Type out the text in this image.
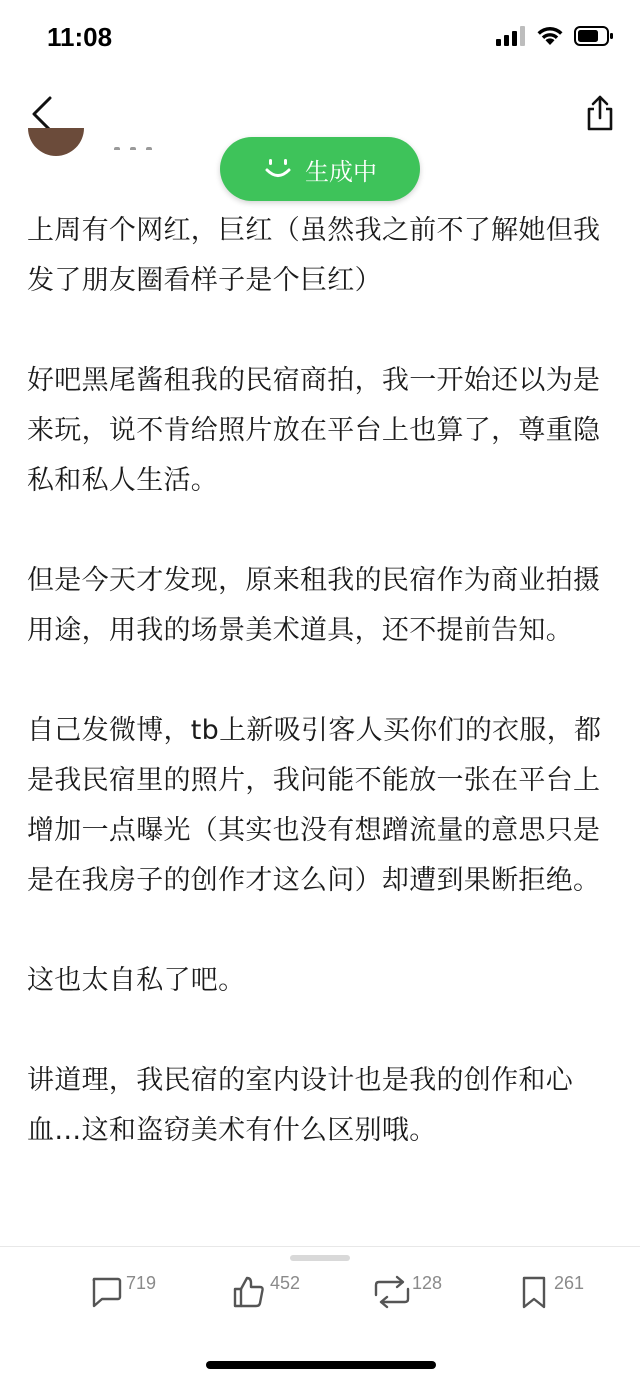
11:08
生成中

上周有个网红，巨红（虽然我之前不了解她但我发了朋友圈看样子是个巨红）

好吧黑尾酱租我的民宿商拍，我一开始还以为是来玩，说不肯给照片放在平台上也算了，尊重隐私和私人生活。

但是今天才发现，原来租我的民宿作为商业拍摄用途，用我的场景美术道具，还不提前告知。

自己发微博，tb上新吸引客人买你们的衣服，都是我民宿里的照片，我问能不能放一张在平台上增加一点曝光（其实也没有想蹭流量的意思只是是在我房子的创作才这么问）却遭到果断拒绝。

这也太自私了吧。

讲道理，我民宿的室内设计也是我的创作和心血…这和盗窃美术有什么区别哦。

719	452	128	261
